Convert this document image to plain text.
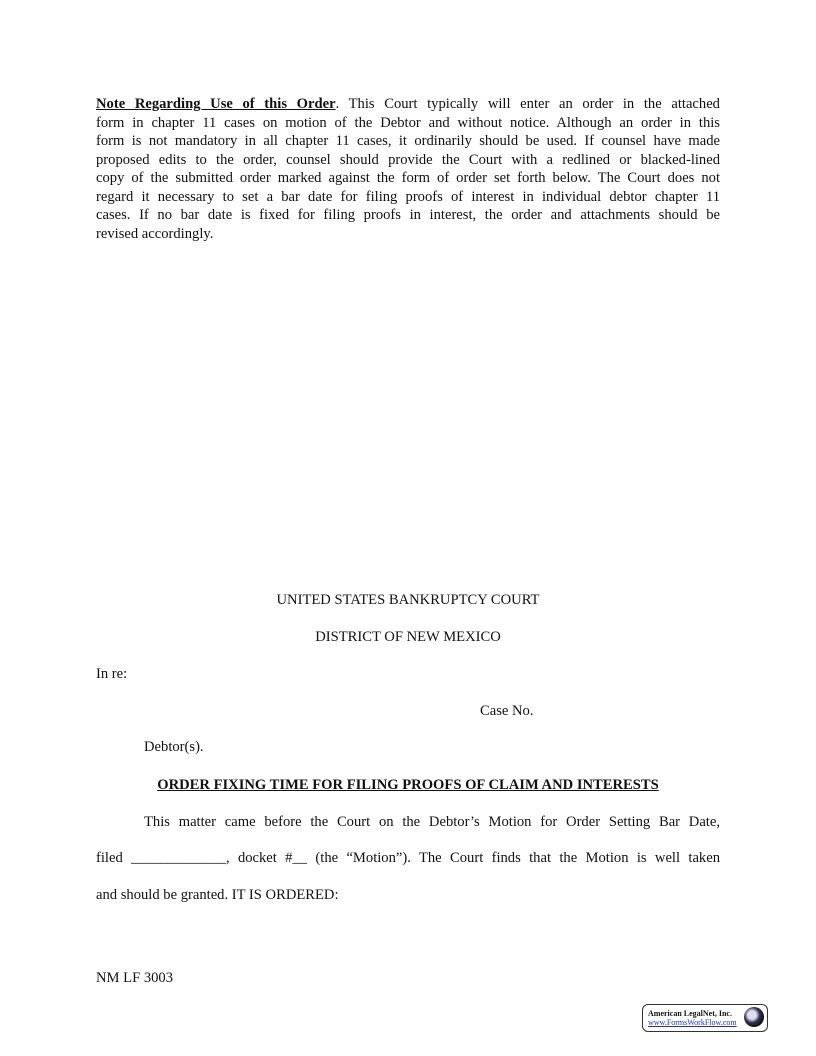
Note Regarding Use of this Order. This Court typically will enter an order in the attached
form in chapter 11 cases on motion of the Debtor and without notice. Although an order in this
form is not mandatory in all chapter 11 cases, it ordinarily should be used. If counsel have made
proposed edits to the order, counsel should provide the Court with a redlined or blacked-lined
copy of the submitted order marked against the form of order set forth below. The Court does not
regard it necessary to set a bar date for filing proofs of interest in individual debtor chapter 11
cases. If no bar date is fixed for filing proofs in interest, the order and attachments should be
revised accordingly.
UNITED STATES BANKRUPTCY COURT
DISTRICT OF NEW MEXICO
In re:
Case No.
Debtor(s).
ORDER FIXING TIME FOR FILING PROOFS OF CLAIM AND INTERESTS
This matter came before the Court on the Debtor’s Motion for Order Setting Bar Date,
filed _____________, docket #__ (the “Motion”). The Court finds that the Motion is well taken
and should be granted. IT IS ORDERED:
NM LF 3003
American LegalNet, Inc.
www.FormsWorkFlow.com
